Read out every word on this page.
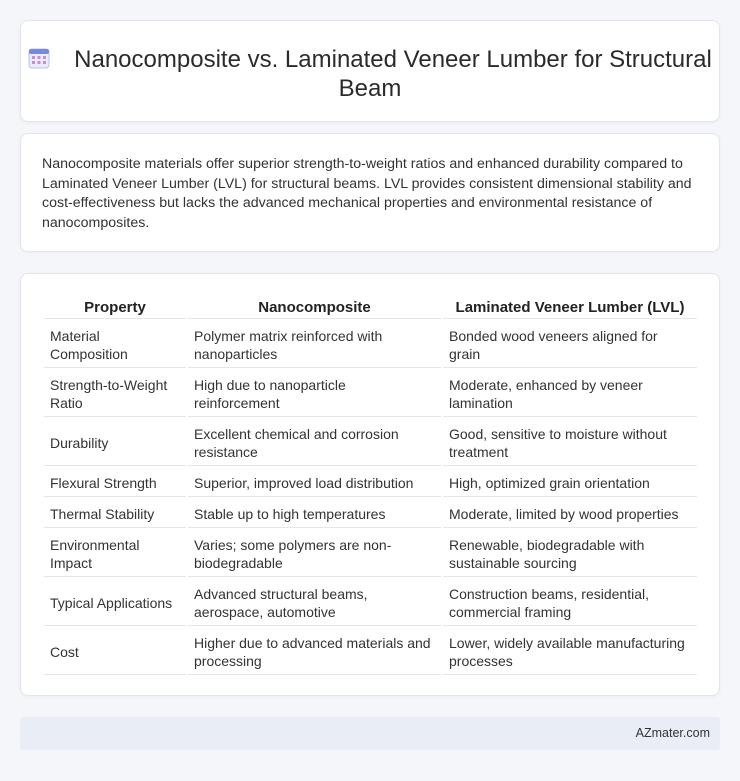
Nanocomposite vs. Laminated Veneer Lumber for Structural Beam

Nanocomposite materials offer superior strength-to-weight ratios and enhanced durability compared to Laminated Veneer Lumber (LVL) for structural beams. LVL provides consistent dimensional stability and cost-effectiveness but lacks the advanced mechanical properties and environmental resistance of nanocomposites.

Property	Nanocomposite	Laminated Veneer Lumber (LVL)
Material Composition	Polymer matrix reinforced with nanoparticles	Bonded wood veneers aligned for grain
Strength-to-Weight Ratio	High due to nanoparticle reinforcement	Moderate, enhanced by veneer lamination
Durability	Excellent chemical and corrosion resistance	Good, sensitive to moisture without treatment
Flexural Strength	Superior, improved load distribution	High, optimized grain orientation
Thermal Stability	Stable up to high temperatures	Moderate, limited by wood properties
Environmental Impact	Varies; some polymers are non-biodegradable	Renewable, biodegradable with sustainable sourcing
Typical Applications	Advanced structural beams, aerospace, automotive	Construction beams, residential, commercial framing
Cost	Higher due to advanced materials and processing	Lower, widely available manufacturing processes
AZmater.com
